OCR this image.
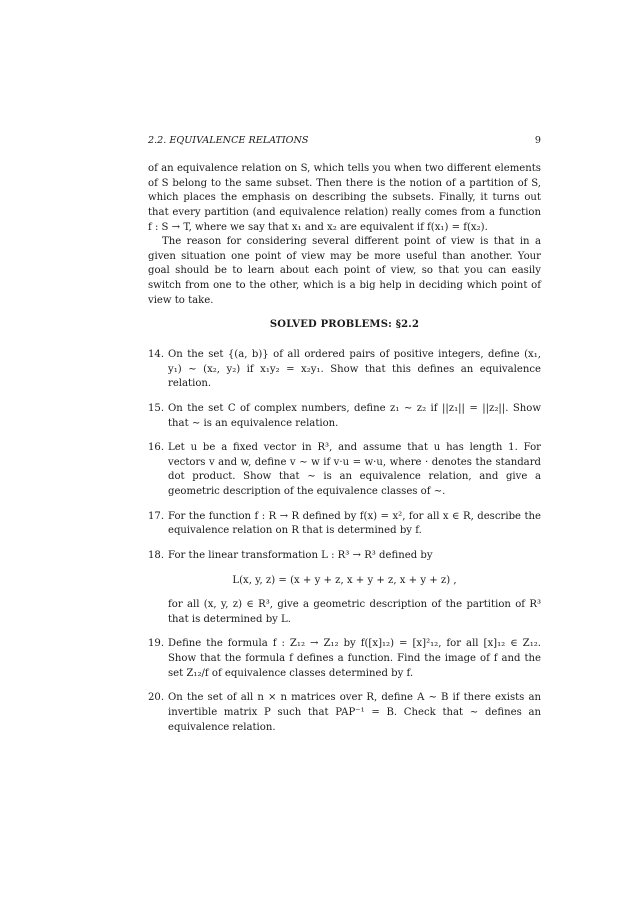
2.2. EQUIVALENCE RELATIONS	9

of an equivalence relation on S, which tells you when two different elements of S belong to the same subset. Then there is the notion of a partition of S, which places the emphasis on describing the subsets. Finally, it turns out that every partition (and equivalence relation) really comes from a function f : S → T, where we say that x₁ and x₂ are equivalent if f(x₁) = f(x₂).

The reason for considering several different point of view is that in a given situation one point of view may be more useful than another. Your goal should be to learn about each point of view, so that you can easily switch from one to the other, which is a big help in deciding which point of view to take.

SOLVED PROBLEMS: §2.2
14. On the set {(a, b)} of all ordered pairs of positive integers, define (x₁, y₁) ∼ (x₂, y₂) if x₁y₂ = x₂y₁. Show that this defines an equivalence relation.
15. On the set C of complex numbers, define z₁ ∼ z₂ if ||z₁|| = ||z₂||. Show that ∼ is an equivalence relation.
16. Let u be a fixed vector in R³, and assume that u has length 1. For vectors v and w, define v ∼ w if v·u = w·u, where · denotes the standard dot product. Show that ∼ is an equivalence relation, and give a geometric description of the equivalence classes of ∼.
17. For the function f : R → R defined by f(x) = x², for all x ∈ R, describe the equivalence relation on R that is determined by f.
18. For the linear transformation L : R³ → R³ defined by
L(x, y, z) = (x + y + z, x + y + z, x + y + z) ,
for all (x, y, z) ∈ R³, give a geometric description of the partition of R³ that is determined by L.
19. Define the formula f : Z₁₂ → Z₁₂ by f([x]₁₂) = [x]²₁₂, for all [x]₁₂ ∈ Z₁₂. Show that the formula f defines a function. Find the image of f and the set Z₁₂/f of equivalence classes determined by f.
20. On the set of all n × n matrices over R, define A ∼ B if there exists an invertible matrix P such that PAP⁻¹ = B. Check that ∼ defines an equivalence relation.
